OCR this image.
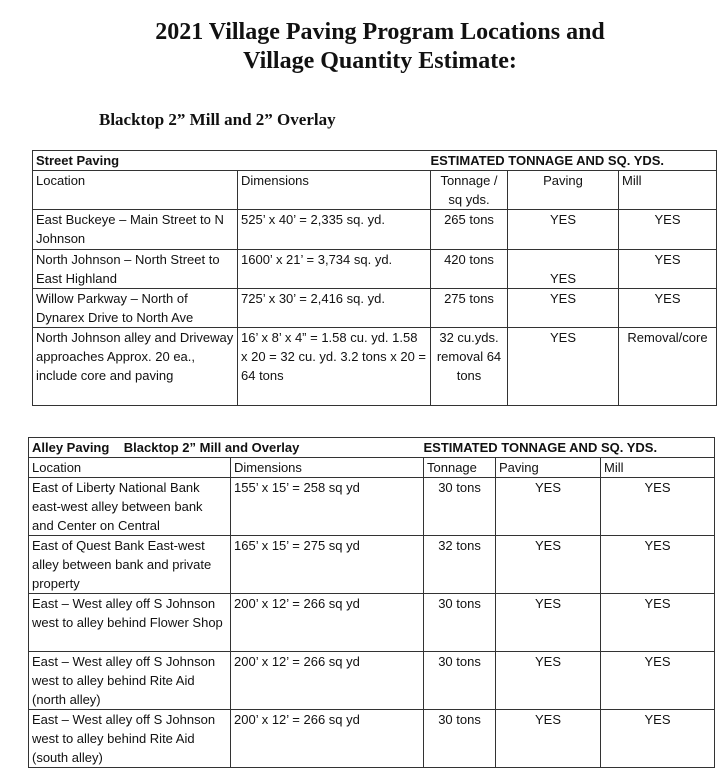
2021 Village Paving Program Locations and
Village Quantity Estimate:
Blacktop 2” Mill and 2” Overlay
Street Paving		ESTIMATED TONNAGE AND SQ. YDS.		
Location	Dimensions	Tonnage / sq yds.	Paving	Mill
East Buckeye – Main Street to N Johnson	525’ x 40’ = 2,335 sq. yd.	265 tons	YES	YES
North Johnson – North Street to East Highland	1600’ x 21’ = 3,734 sq. yd.	420 tons	YES	YES
Willow Parkway – North of Dynarex Drive to North Ave	725’ x 30’ = 2,416 sq. yd.	275 tons	YES	YES
North Johnson alley and Driveway approaches Approx. 20 ea., include core and paving	16’ x 8’ x 4” = 1.58 cu. yd. 1.58 x 20 = 32 cu. yd. 3.2 tons x 20 = 64 tons	32 cu.yds. removal 64 tons	YES	Removal/core
Alley Paving Blacktop 2” Mill and Overlay		ESTIMATED TONNAGE AND SQ. YDS.		
Location	Dimensions	Tonnage	Paving	Mill
East of Liberty National Bank east-west alley between bank and Center on Central	155’ x 15’ = 258 sq yd	30 tons	YES	YES
East of Quest Bank East-west alley between bank and private property	165’ x 15’ = 275 sq yd	32 tons	YES	YES
East – West alley off S Johnson west to alley behind Flower Shop	200’ x 12’ = 266 sq yd	30 tons	YES	YES
East – West alley off S Johnson west to alley behind Rite Aid (north alley)	200’ x 12’ = 266 sq yd	30 tons	YES	YES
East – West alley off S Johnson west to alley behind Rite Aid (south alley)	200’ x 12’ = 266 sq yd	30 tons	YES	YES
